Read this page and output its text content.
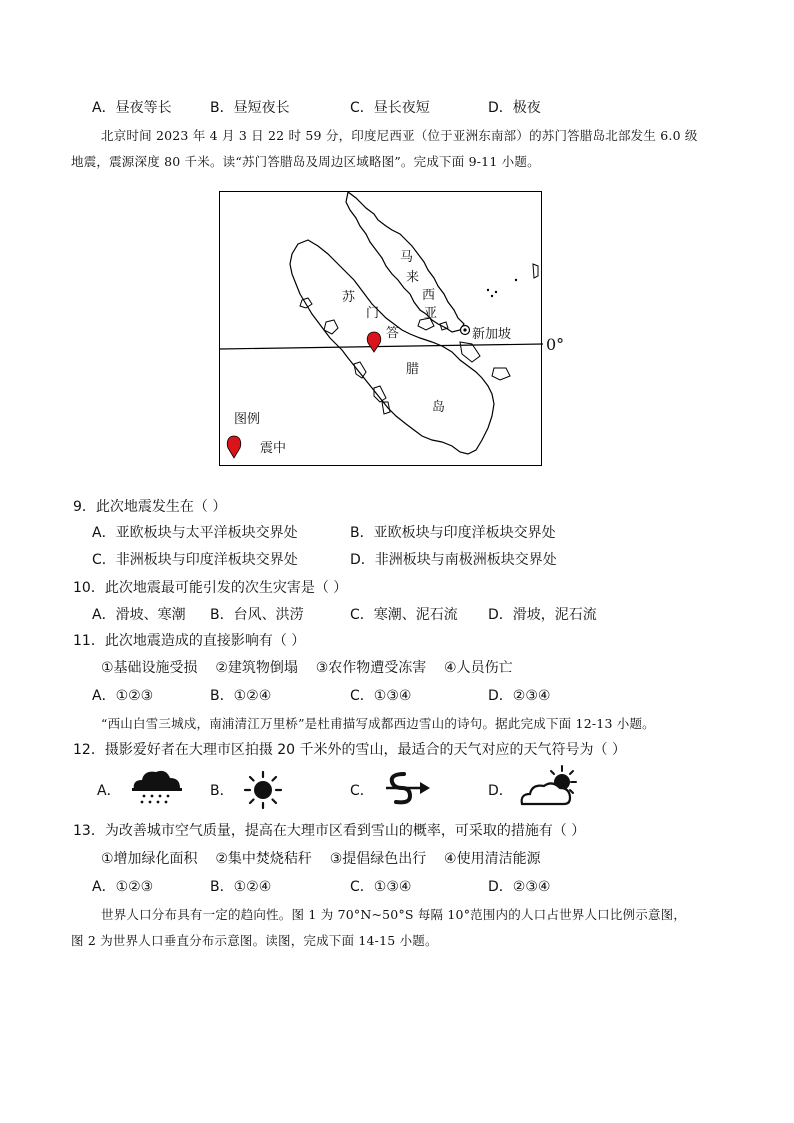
A．昼夜等长	B．昼短夜长	C．昼长夜短	D．极夜
北京时间 2023 年 4 月 3 日 22 时 59 分，印度尼西亚（位于亚洲东南部）的苏门答腊岛北部发生 6.0 级
地震，震源深度 80 千米。读“苏门答腊岛及周边区域略图”。完成下面 9-11 小题。
马
来
西
亚
苏
门
答
腊
岛
新加坡
0°
图例
震中
9．此次地震发生在（ ）
A．亚欧板块与太平洋板块交界处	B．亚欧板块与印度洋板块交界处
C．非洲板块与印度洋板块交界处	D．非洲板块与南极洲板块交界处
10．此次地震最可能引发的次生灾害是（ ）
A．滑坡、寒潮 B．台风、洪涝	C．寒潮、泥石流 D．滑坡，泥石流
11．此次地震造成的直接影响有（ ）
①基础设施受损    ②建筑物倒塌    ③农作物遭受冻害    ④人员伤亡
A．①②③	B．①②④	C．①③④	D．②③④
“西山白雪三城戍，南浦清江万里桥”是杜甫描写成都西边雪山的诗句。据此完成下面 12-13 小题。
12．摄影爱好者在大理市区拍摄 20 千米外的雪山，最适合的天气对应的天气符号为（ ）
A．	B．	C．	D．
13．为改善城市空气质量，提高在大理市区看到雪山的概率，可采取的措施有（ ）
①增加绿化面积    ②集中焚烧秸秆    ③提倡绿色出行    ④使用清洁能源
A．①②③	B．①②④	C．①③④	D．②③④
世界人口分布具有一定的趋向性。图 1 为 70°N~50°S 每隔 10°范围内的人口占世界人口比例示意图，
图 2 为世界人口垂直分布示意图。读图，完成下面 14-15 小题。
